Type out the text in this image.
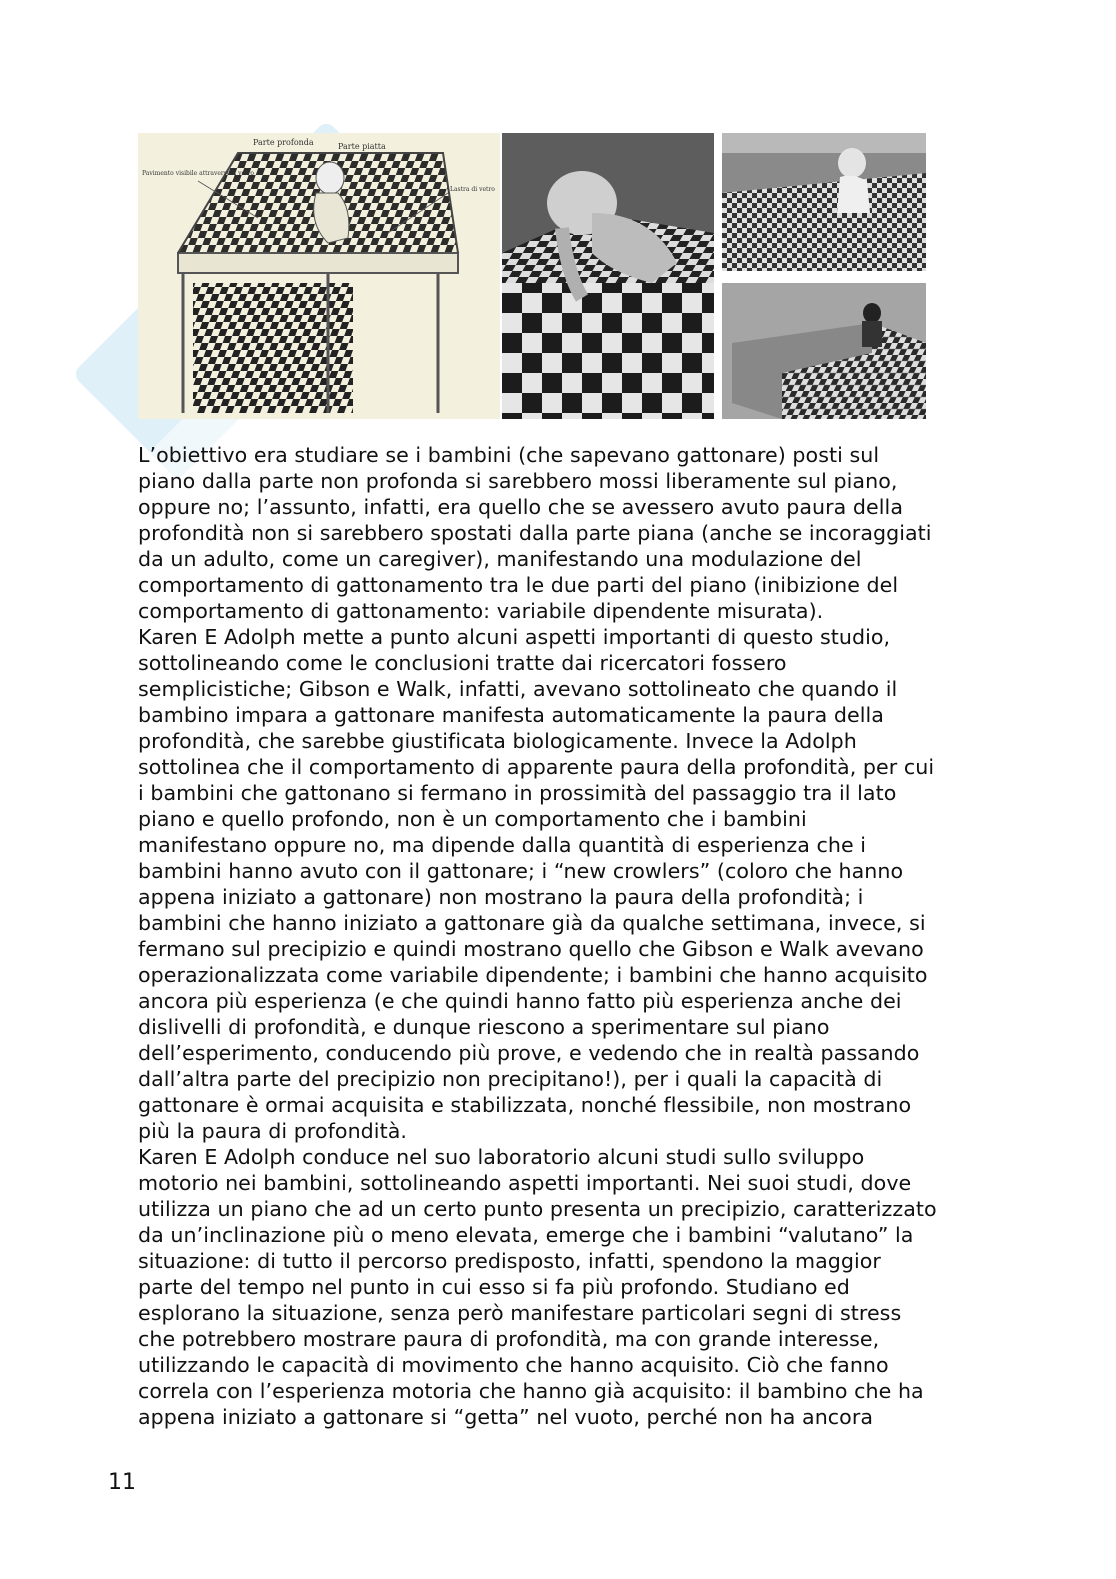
Parte profonda	Parte piatta
Pavimento visibile attraverso il vetro
Lastra di vetro

L’obiettivo era studiare se i bambini (che sapevano gattonare) posti sul

piano dalla parte non profonda si sarebbero mossi liberamente sul piano,

oppure no; l’assunto, infatti, era quello che se avessero avuto paura della

profondità non si sarebbero spostati dalla parte piana (anche se incoraggiati

da un adulto, come un caregiver), manifestando una modulazione del

comportamento di gattonamento tra le due parti del piano (inibizione del

comportamento di gattonamento: variabile dipendente misurata).

Karen E Adolph mette a punto alcuni aspetti importanti di questo studio,

sottolineando come le conclusioni tratte dai ricercatori fossero

semplicistiche; Gibson e Walk, infatti, avevano sottolineato che quando il

bambino impara a gattonare manifesta automaticamente la paura della

profondità, che sarebbe giustificata biologicamente. Invece la Adolph

sottolinea che il comportamento di apparente paura della profondità, per cui

i bambini che gattonano si fermano in prossimità del passaggio tra il lato

piano e quello profondo, non è un comportamento che i bambini

manifestano oppure no, ma dipende dalla quantità di esperienza che i

bambini hanno avuto con il gattonare; i “new crowlers” (coloro che hanno

appena iniziato a gattonare) non mostrano la paura della profondità; i

bambini che hanno iniziato a gattonare già da qualche settimana, invece, si

fermano sul precipizio e quindi mostrano quello che Gibson e Walk avevano

operazionalizzata come variabile dipendente; i bambini che hanno acquisito

ancora più esperienza (e che quindi hanno fatto più esperienza anche dei

dislivelli di profondità, e dunque riescono a sperimentare sul piano

dell’esperimento, conducendo più prove, e vedendo che in realtà passando

dall’altra parte del precipizio non precipitano!), per i quali la capacità di

gattonare è ormai acquisita e stabilizzata, nonché flessibile, non mostrano

più la paura di profondità.

Karen E Adolph conduce nel suo laboratorio alcuni studi sullo sviluppo

motorio nei bambini, sottolineando aspetti importanti. Nei suoi studi, dove

utilizza un piano che ad un certo punto presenta un precipizio, caratterizzato

da un’inclinazione più o meno elevata, emerge che i bambini “valutano” la

situazione: di tutto il percorso predisposto, infatti, spendono la maggior

parte del tempo nel punto in cui esso si fa più profondo. Studiano ed

esplorano la situazione, senza però manifestare particolari segni di stress

che potrebbero mostrare paura di profondità, ma con grande interesse,

utilizzando le capacità di movimento che hanno acquisito. Ciò che fanno

correla con l’esperienza motoria che hanno già acquisito: il bambino che ha

appena iniziato a gattonare si “getta” nel vuoto, perché non ha ancora

11
